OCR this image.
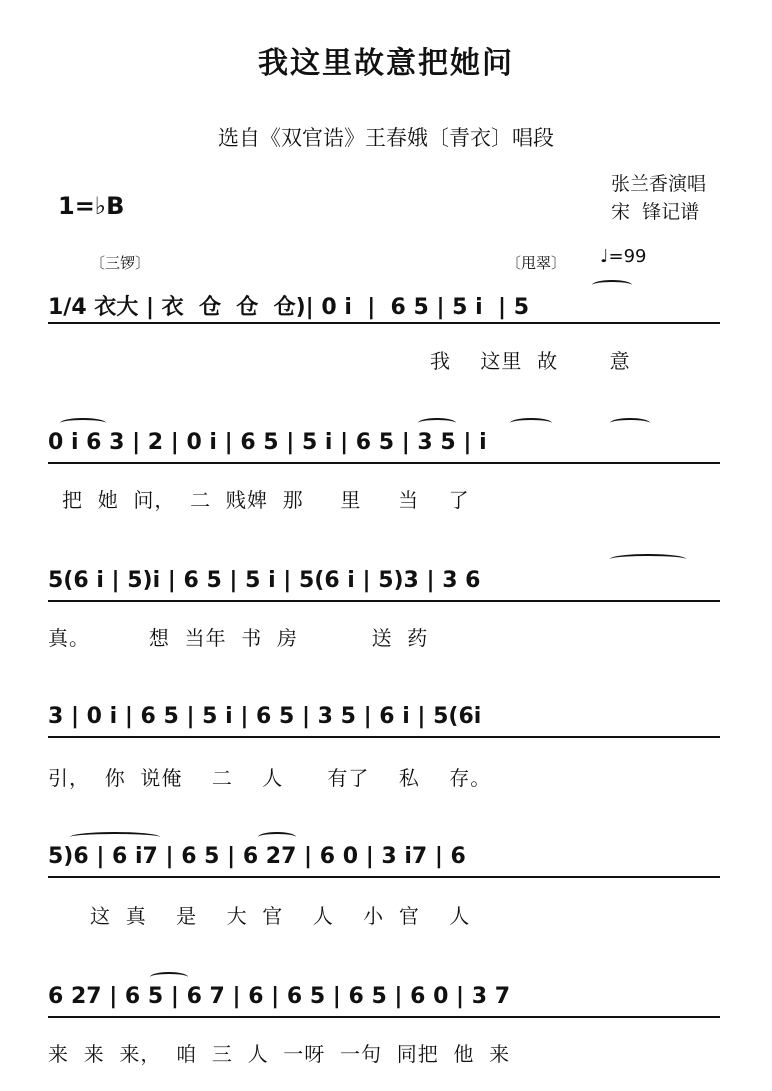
我这里故意把她问
选自《双官诰》王春娥〔青衣〕唱段
1=♭B
张兰香演唱
宋  锋记谱
〔三锣〕	〔甩翠〕 ♩=99
1/4 衣大 | 衣  仓  仓  仓)| 0 i  |  6 5 | 5 i  | 5
我    这里  故       意
0 i 6 3 | 2 | 0 i | 6 5 | 5 i | 6 5 | 3 5 | i
把  她  问，  二  贱婢  那     里     当    了
5(6 i | 5)i | 6 5 | 5 i | 5(6 i | 5)3 | 3 6
真。        想  当年  书  房          送  药
3 | 0 i | 6 5 | 5 i | 6 5 | 3 5 | 6 i | 5(6i
引，  你  说俺    二    人      有了    私    存。
5)6 | 6 i7 | 6 5 | 6 27 | 6 0 | 3 i7 | 6
这  真    是    大  官    人    小  官    人
6 27 | 6 5 | 6 7 | 6 | 6 5 | 6 5 | 6 0 | 3 7
来  来  来，  咱  三  人  一呀  一句  同把  他  来
